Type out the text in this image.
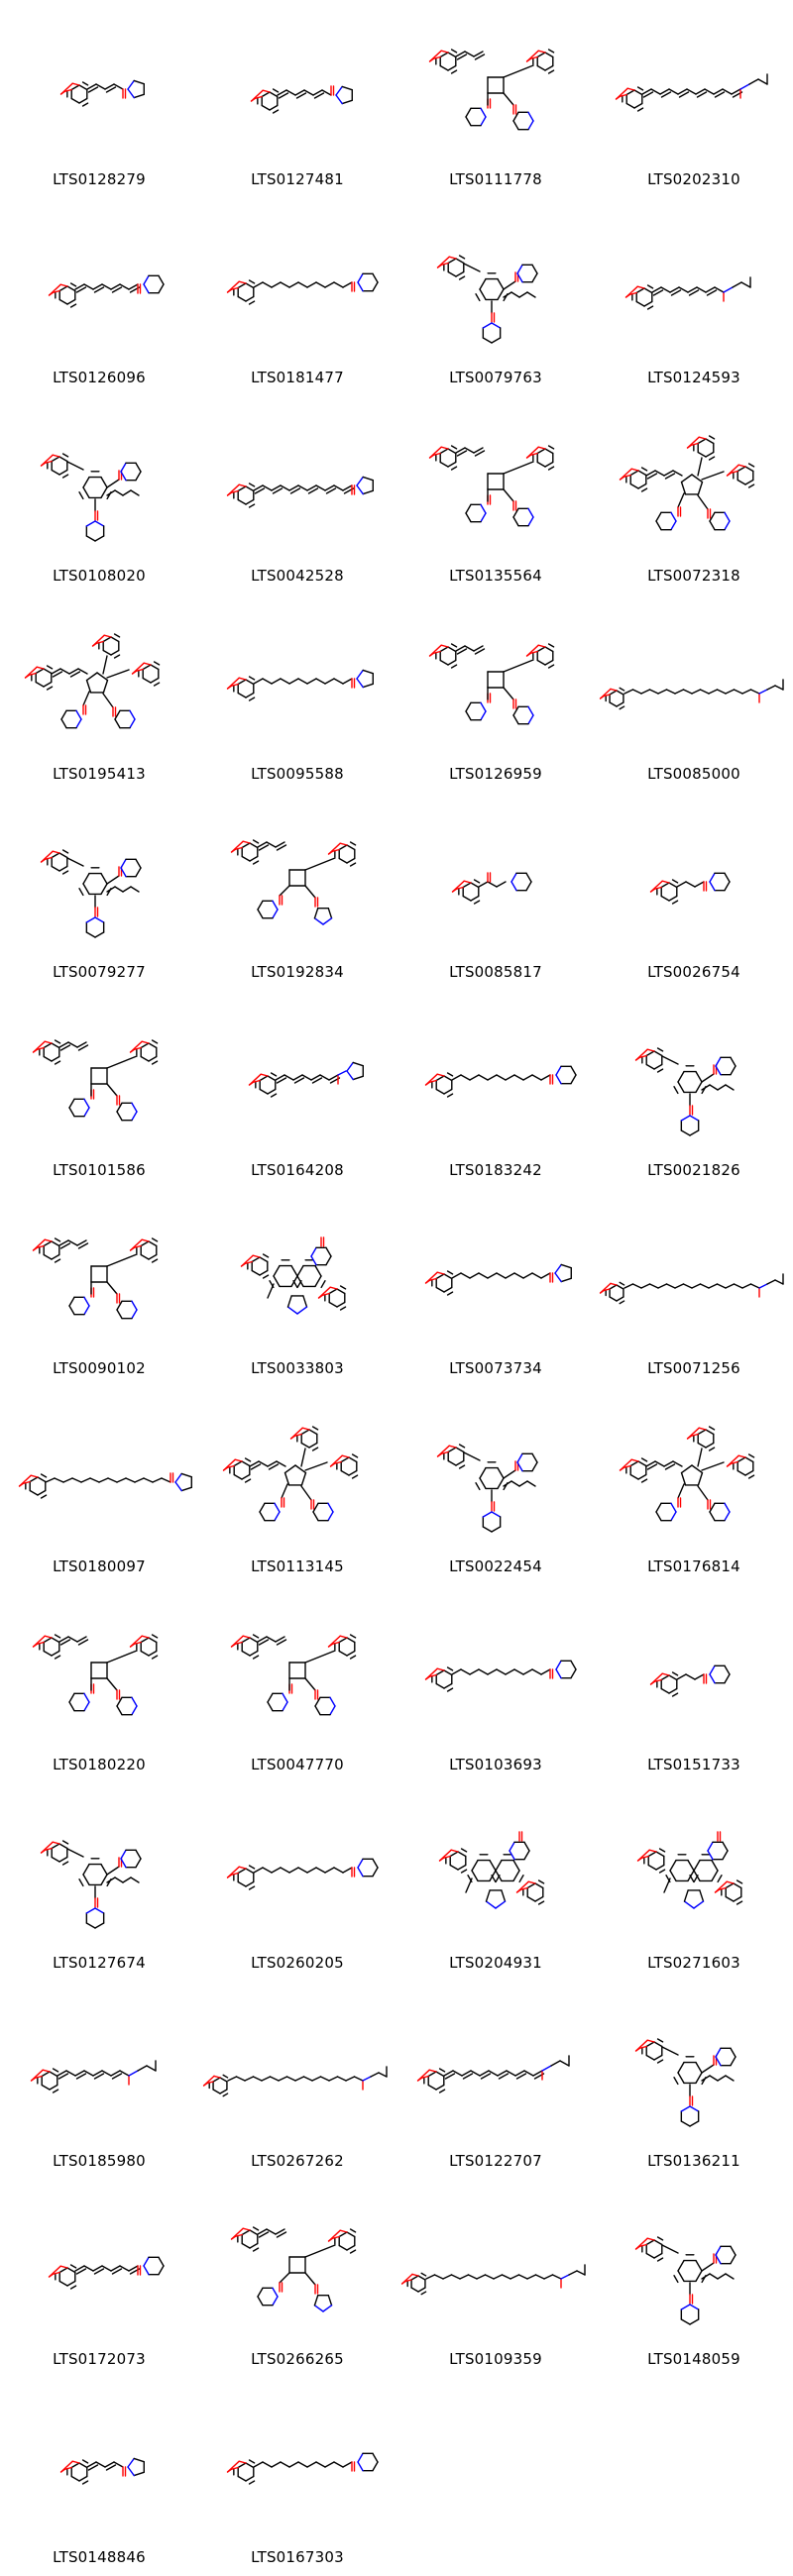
LTS0128279	LTS0127481	LTS0111778	LTS0202310
LTS0126096	LTS0181477	LTS0079763	LTS0124593
LTS0108020	LTS0042528	LTS0135564	LTS0072318
LTS0195413	LTS0095588	LTS0126959	LTS0085000
LTS0079277	LTS0192834	LTS0085817	LTS0026754
LTS0101586	LTS0164208	LTS0183242	LTS0021826
LTS0090102	LTS0033803	LTS0073734	LTS0071256
LTS0180097	LTS0113145	LTS0022454	LTS0176814
LTS0180220	LTS0047770	LTS0103693	LTS0151733
LTS0127674	LTS0260205	LTS0204931	LTS0271603
LTS0185980	LTS0267262	LTS0122707	LTS0136211
LTS0172073	LTS0266265	LTS0109359	LTS0148059
LTS0148846	LTS0167303
